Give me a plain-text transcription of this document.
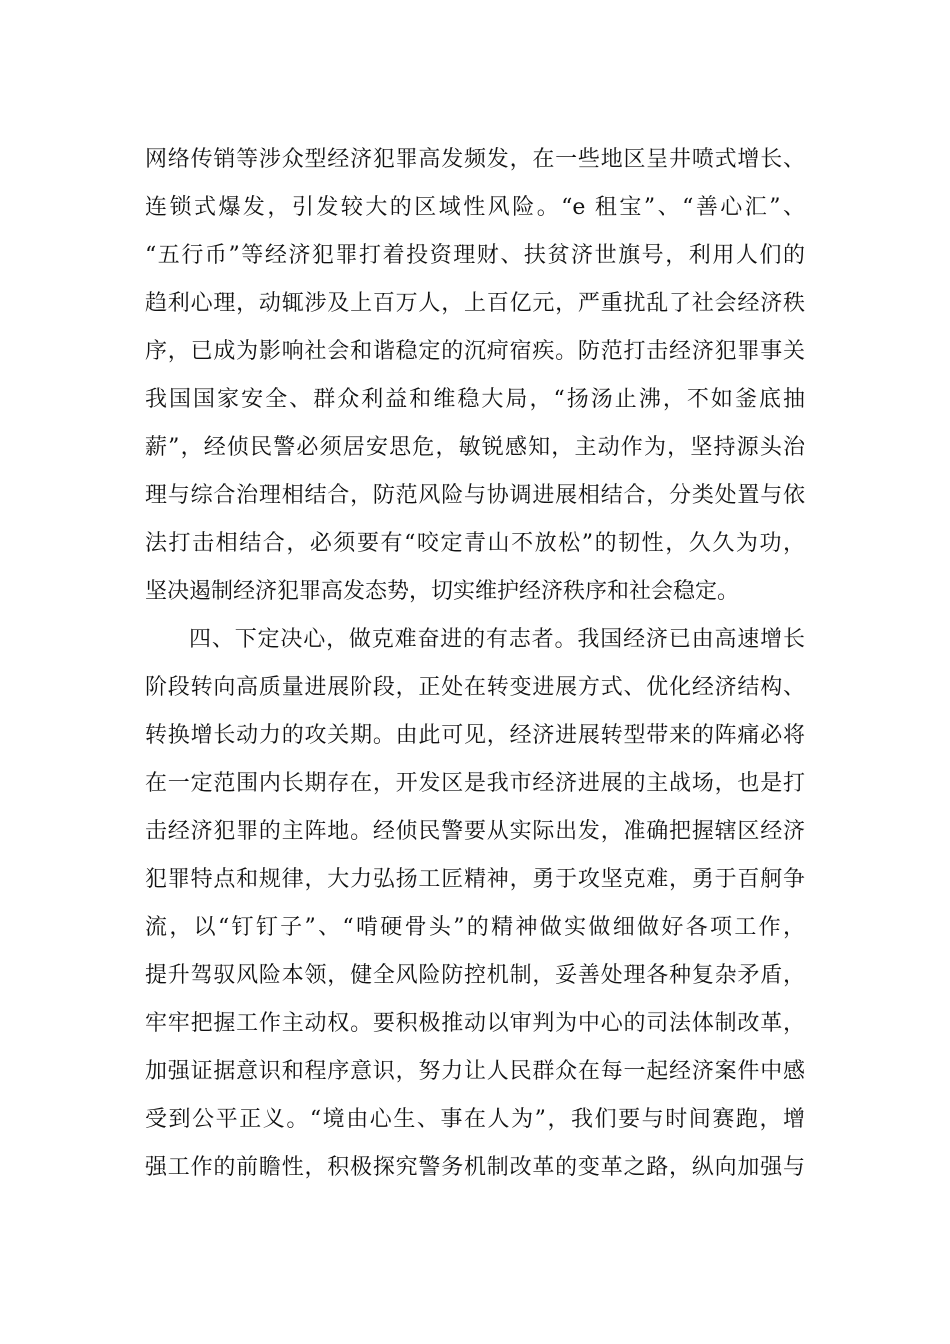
网络传销等涉众型经济犯罪高发频发，在一些地区呈井喷式增长、
连锁式爆发，引发较大的区域性风险。“e 租宝”、“善心汇”、
“五行币”等经济犯罪打着投资理财、扶贫济世旗号，利用人们的
趋利心理，动辄涉及上百万人，上百亿元，严重扰乱了社会经济秩
序，已成为影响社会和谐稳定的沉疴宿疾。防范打击经济犯罪事关
我国国家安全、群众利益和维稳大局，“扬汤止沸，不如釜底抽
薪”，经侦民警必须居安思危，敏锐感知，主动作为，坚持源头治
理与综合治理相结合，防范风险与协调进展相结合，分类处置与依
法打击相结合，必须要有“咬定青山不放松”的韧性，久久为功，
坚决遏制经济犯罪高发态势，切实维护经济秩序和社会稳定。
四、下定决心，做克难奋进的有志者。我国经济已由高速增长
阶段转向高质量进展阶段，正处在转变进展方式、优化经济结构、
转换增长动力的攻关期。由此可见，经济进展转型带来的阵痛必将
在一定范围内长期存在，开发区是我市经济进展的主战场，也是打
击经济犯罪的主阵地。经侦民警要从实际出发，准确把握辖区经济
犯罪特点和规律，大力弘扬工匠精神，勇于攻坚克难，勇于百舸争
流，以“钉钉子”、“啃硬骨头”的精神做实做细做好各项工作，
提升驾驭风险本领，健全风险防控机制，妥善处理各种复杂矛盾，
牢牢把握工作主动权。要积极推动以审判为中心的司法体制改革，
加强证据意识和程序意识，努力让人民群众在每一起经济案件中感
受到公平正义。“境由心生、事在人为”，我们要与时间赛跑，增
强工作的前瞻性，积极探究警务机制改革的变革之路，纵向加强与
